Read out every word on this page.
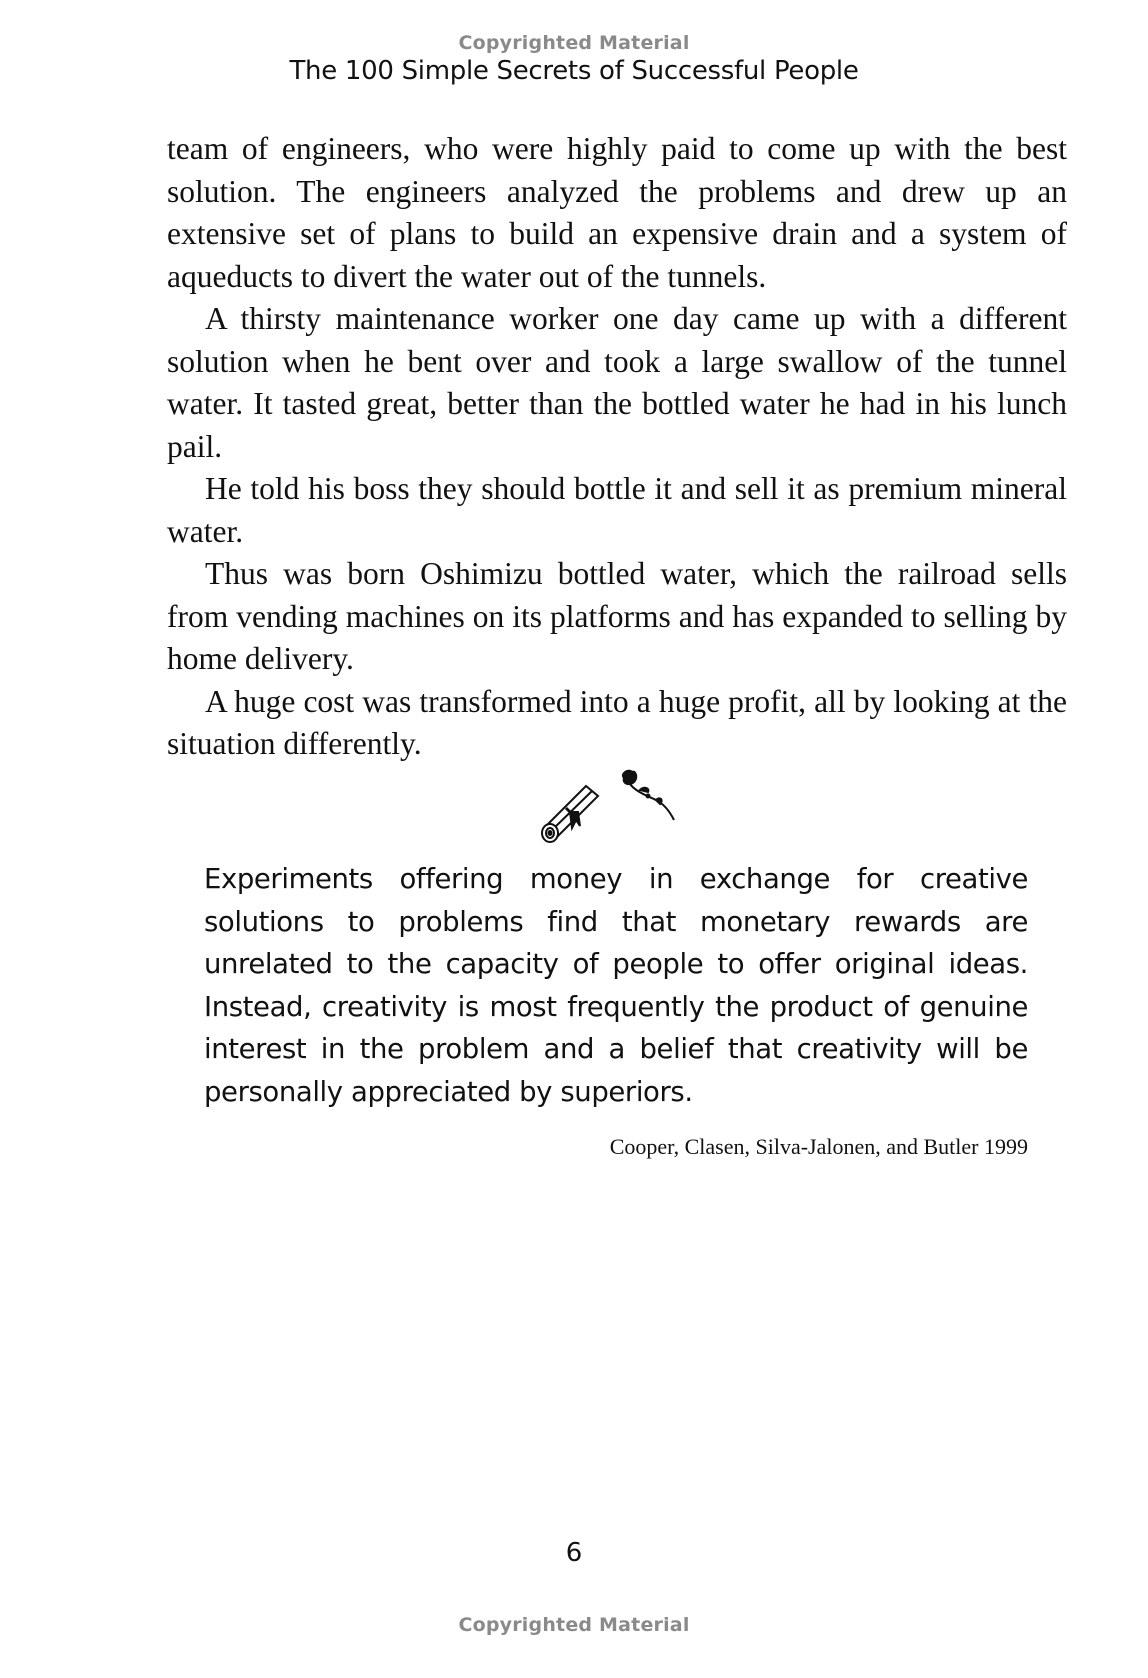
Copyrighted Material
The 100 Simple Secrets of Successful People

team of engineers, who were highly paid to come up with the best solution. The engineers analyzed the problems and drew up an extensive set of plans to build an expensive drain and a system of aqueducts to divert the water out of the tunnels.

A thirsty maintenance worker one day came up with a different solution when he bent over and took a large swallow of the tunnel water. It tasted great, better than the bottled water he had in his lunch pail.

He told his boss they should bottle it and sell it as premium mineral water.

Thus was born Oshimizu bottled water, which the railroad sells from vending machines on its platforms and has expanded to selling by home delivery.

A huge cost was transformed into a huge profit, all by looking at the situation differently.

Experiments offering money in exchange for creative solutions to problems find that monetary rewards are unrelated to the capacity of people to offer original ideas. Instead, creativity is most frequently the product of genuine interest in the problem and a belief that creativity will be personally appreciated by superiors.

Cooper, Clasen, Silva-Jalonen, and Butler 1999
6
Copyrighted Material
